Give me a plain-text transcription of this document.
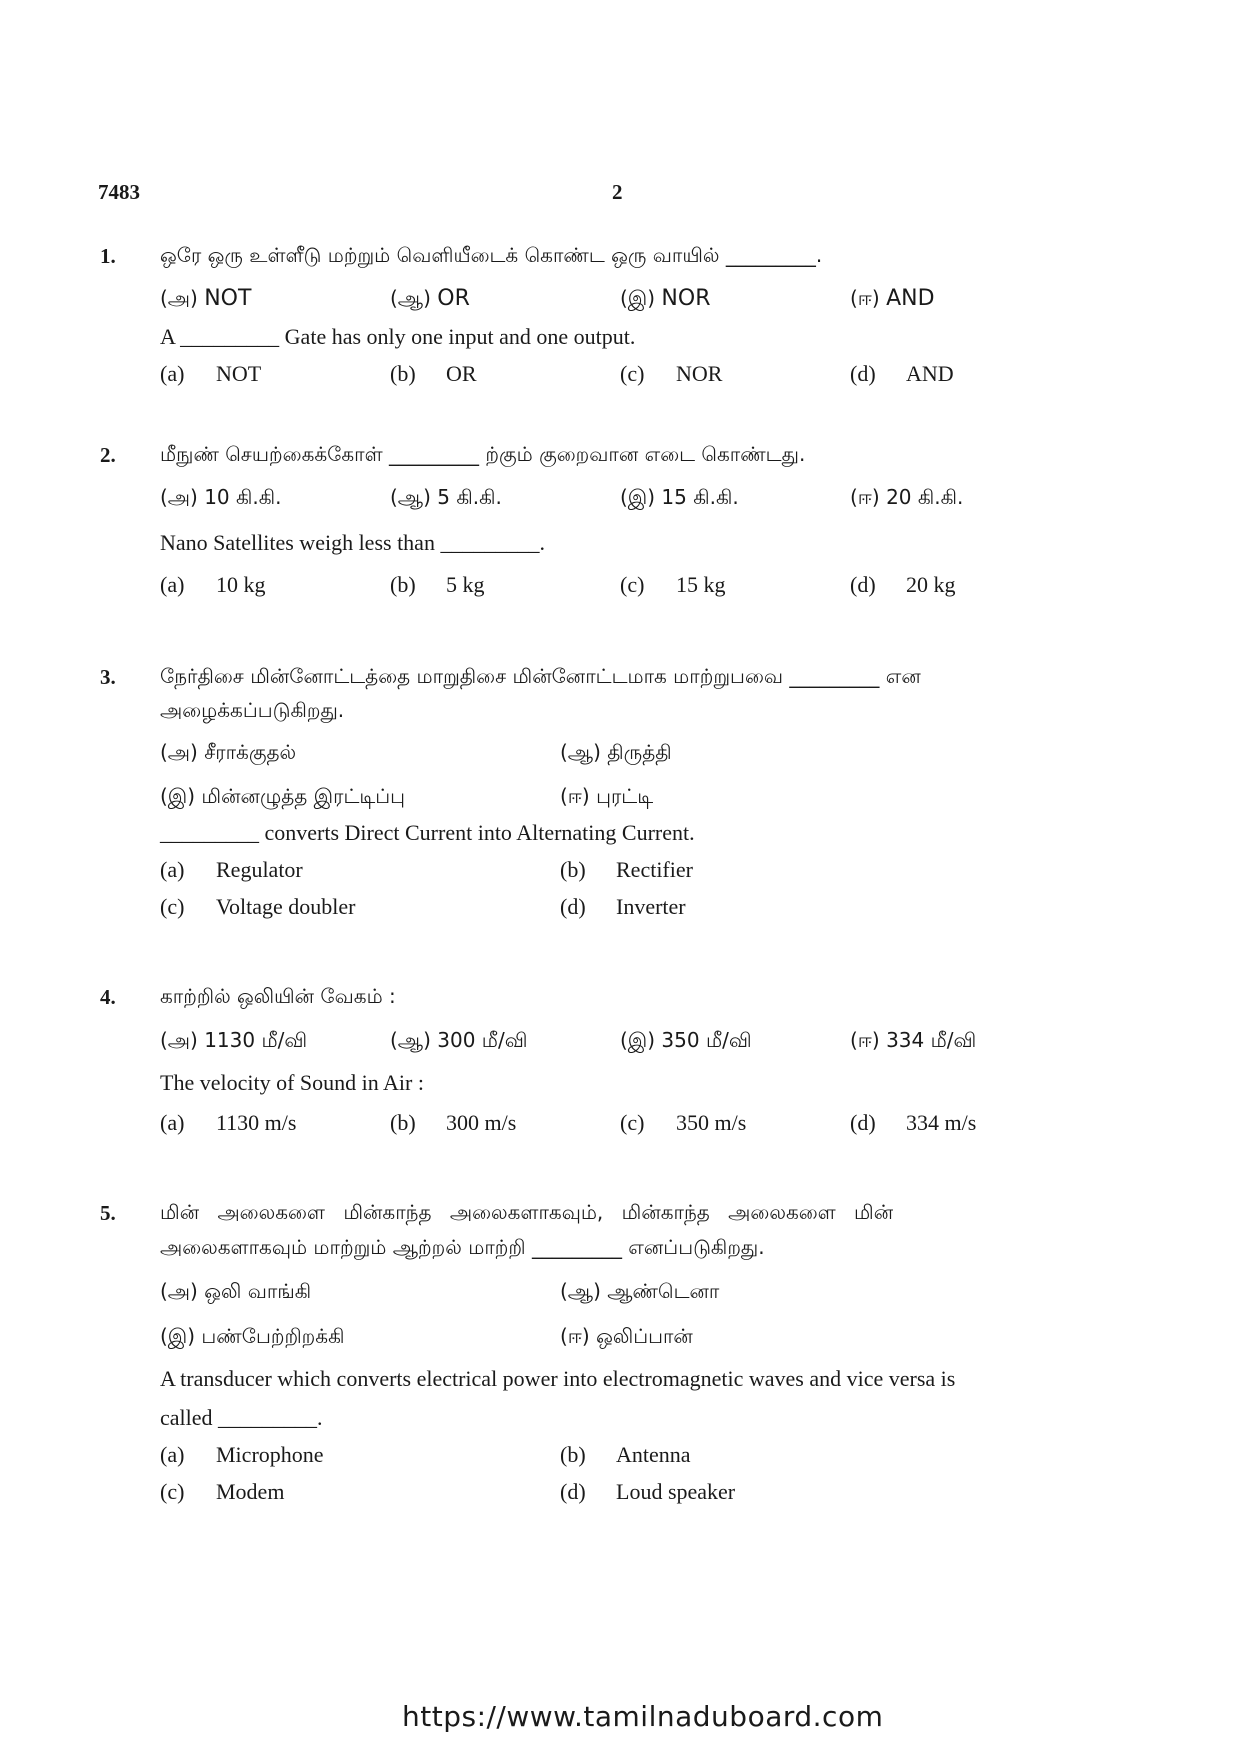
7483	2
1. ஒரே ஒரு உள்ளீடு மற்றும் வெளியீடைக் கொண்ட ஒரு வாயில் _________.
(அ) NOT	(ஆ) OR	(இ) NOR	(ஈ) AND
A _________ Gate has only one input and one output.
(a) NOT	(b) OR	(c) NOR	(d) AND
2. மீநுண் செயற்கைக்கோள் _________ ற்கும் குறைவான எடை கொண்டது.
(அ) 10 கி.கி.	(ஆ) 5 கி.கி.	(இ) 15 கி.கி.	(ஈ) 20 கி.கி.
Nano Satellites weigh less than _________.
(a) 10 kg	(b) 5 kg	(c) 15 kg	(d) 20 kg
3. நேர்திசை மின்னோட்டத்தை மாறுதிசை மின்னோட்டமாக மாற்றுபவை _________ என
அழைக்கப்படுகிறது.
(அ) சீராக்குதல்	(ஆ) திருத்தி
(இ) மின்னழுத்த இரட்டிப்பு	(ஈ) புரட்டி
_________ converts Direct Current into Alternating Current.
(a) Regulator	(b) Rectifier
(c) Voltage doubler	(d) Inverter
4. காற்றில் ஒலியின் வேகம் :
(அ) 1130 மீ/வி	(ஆ) 300 மீ/வி	(இ) 350 மீ/வி	(ஈ) 334 மீ/வி
The velocity of Sound in Air :
(a) 1130 m/s	(b) 300 m/s	(c) 350 m/s	(d) 334 m/s
5. மின் அலைகளை மின்காந்த அலைகளாகவும், மின்காந்த அலைகளை மின்
அலைகளாகவும் மாற்றும் ஆற்றல் மாற்றி _________ எனப்படுகிறது.
(அ) ஒலி வாங்கி	(ஆ) ஆண்டெனா
(இ) பண்பேற்றிறக்கி	(ஈ) ஒலிப்பான்
A transducer which converts electrical power into electromagnetic waves and vice versa is
called _________.
(a) Microphone	(b) Antenna
(c) Modem	(d) Loud speaker
https://www.tamilnaduboard.com
